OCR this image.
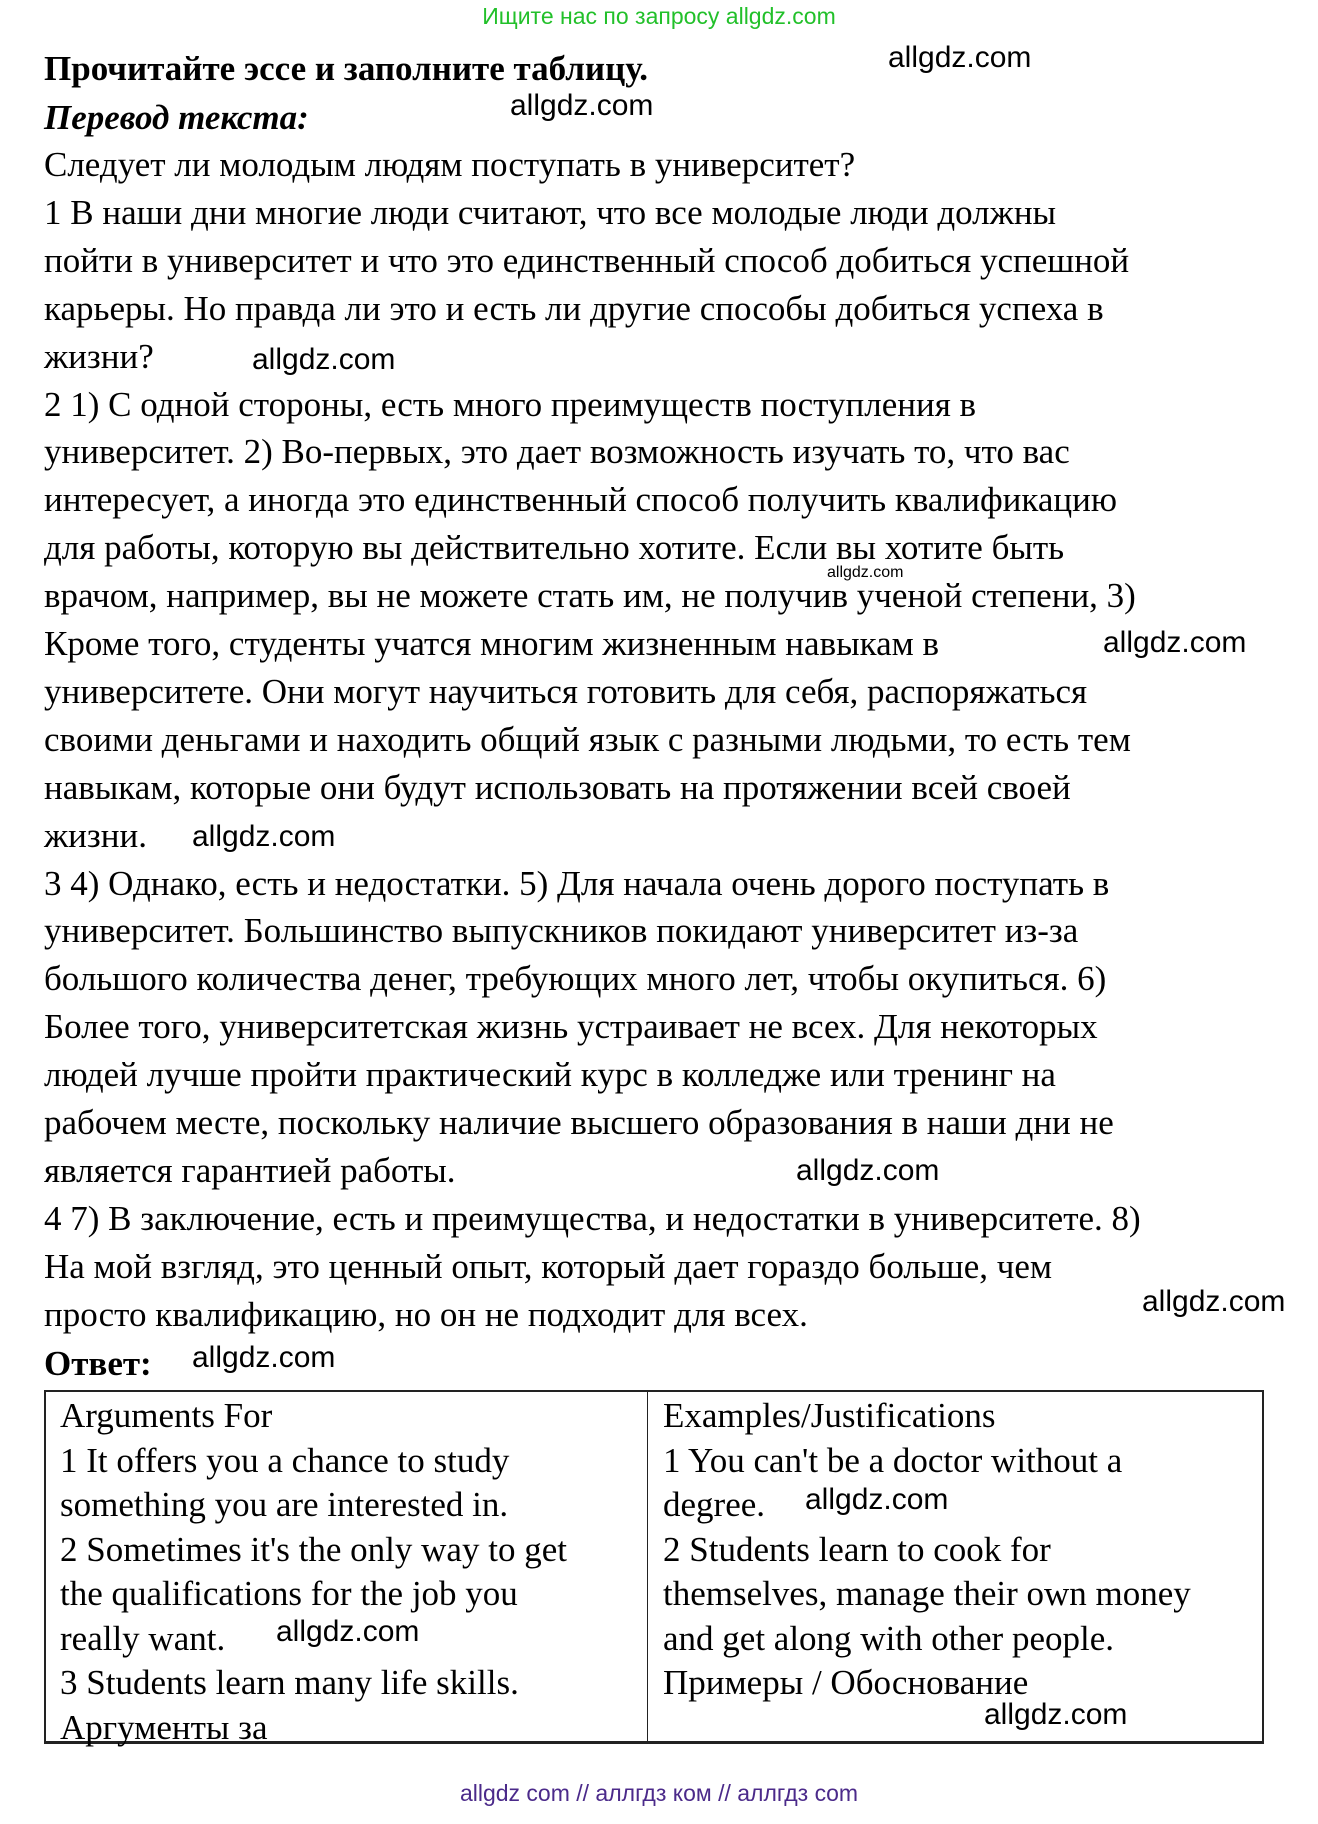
Ищите нас по запросу allgdz.com
Прочитайте эссе и заполните таблицу.
Перевод текста:
Следует ли молодым людям поступать в университет?
1 В наши дни многие люди считают, что все молодые люди должны
пойти в университет и что это единственный способ добиться успешной
карьеры. Но правда ли это и есть ли другие способы добиться успеха в
жизни?
2 1) С одной стороны, есть много преимуществ поступления в
университет. 2) Во-первых, это дает возможность изучать то, что вас
интересует, а иногда это единственный способ получить квалификацию
для работы, которую вы действительно хотите. Если вы хотите быть
врачом, например, вы не можете стать им, не получив ученой степени, 3)
Кроме того, студенты учатся многим жизненным навыкам в
университете. Они могут научиться готовить для себя, распоряжаться
своими деньгами и находить общий язык с разными людьми, то есть тем
навыкам, которые они будут использовать на протяжении всей своей
жизни.
3 4) Однако, есть и недостатки. 5) Для начала очень дорого поступать в
университет. Большинство выпускников покидают университет из-за
большого количества денег, требующих много лет, чтобы окупиться. 6)
Более того, университетская жизнь устраивает не всех. Для некоторых
людей лучше пройти практический курс в колледже или тренинг на
рабочем месте, поскольку наличие высшего образования в наши дни не
является гарантией работы.
4 7) В заключение, есть и преимущества, и недостатки в университете. 8)
На мой взгляд, это ценный опыт, который дает гораздо больше, чем
просто квалификацию, но он не подходит для всех.
Ответ:
Arguments For
1 It offers you a chance to study
something you are interested in.
2 Sometimes it's the only way to get
the qualifications for the job you
really want.
3 Students learn many life skills.
Аргументы за
Examples/Justifications
1 You can't be a doctor without a
degree.
2 Students learn to cook for
themselves, manage their own money
and get along with other people.
Примеры / Обоснование
allgdz.com
allgdz.com
allgdz.com
allgdz.com
allgdz.com
allgdz.com
allgdz.com
allgdz.com
allgdz.com
allgdz.com
allgdz.com
allgdz.com
allgdz com // аллгдз ком // аллгдз com
